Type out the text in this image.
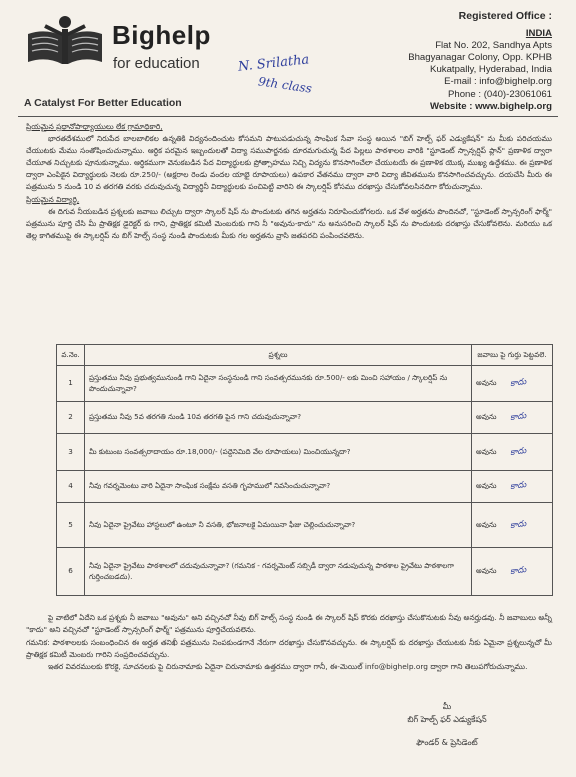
Bighelp
for education
A Catalyst For Better Education
N. Srilatha
9th class
Registered Office :
INDIA
Flat No. 202, Sandhya Apts
Bhagyanagar Colony, Opp. KPHB
Kukatpally, Hyderabad, India
E-mail : info@bighelp.org
Phone : (040)-23061061
Website : www.bighelp.org

ప్రియమైన ప్రధానోపాధ్యాయులు లేక గ్రామాధికారి,

భారతదేశములో నిరుపేద బాలబాలికల ఉన్నతికి విద్యనందించుట కోసమని పాటుపడుచున్న సాంఘిక సేవా సంస్థ అయిన "బిగ్ హెల్ప్ ఫర్ ఎడ్యుకేషన్" ను మీకు పరిచయము చేయుటకు మేము సంతోషించుచున్నాము. ఆర్థిక పరమైన ఇబ్బందులతో విద్యా సముపార్జనకు దూరమగుచున్న పేద పిల్లలు పాఠశాలల వారికి "స్టూడెంట్ స్పాన్సర్షిప్ ప్లాన్" ప్రణాళిక ద్వారా చేయూత నిచ్చుటకు పూనుకున్నాము. ఆర్థికముగా వెనుకబడిన పేద విద్యార్థులకు ప్రోత్సాహము నిచ్చి విద్యను కొనసాగించేలా చేయుటయే ఈ ప్రణాళిక యొక్క ముఖ్య ఉద్దేశము. ఈ ప్రణాళిక ద్వారా ఎంపికైన విద్యార్థులకు నెలకు రూ.250/- (అక్షరాల రెండు వందల యాభై రూపాయలు) ఉపకార వేతనము ద్వారా వారి విద్యా జీవితమును కొనసాగించవచ్చును. దయచేసి మీరు ఈ పత్రమును 5 నుండి 10 వ తరగతి వరకు చదువుచున్న విద్యార్థినీ విద్యార్థులకు పంచిపెట్టి వారిని ఈ స్కాలర్షిప్ కోసము దరఖాస్తు చేసుకోవలసినదిగా కోరుచున్నాము.

ప్రియమైన విద్యార్థి,

ఈ దిగువ నీయబడిన ప్రశ్నలకు జవాబు లిచ్చుట ద్వారా స్కాలర్ షిప్ ను పొందుటకు తగిన అర్హతను నిరూపించుకోగలరు. ఒక వేళ అర్హతను పొందినచో, "స్టూడెంట్ స్పాన్సరింగ్ ఫార్మ్" పత్రమును పూర్తి చేసి మీ ప్రాతిక్షక డైరెక్టర్ కు గాని, ప్రాతిక్షక కమిటీ మెంబరుకు గాని నీ "అవును-కాదు" ను అనుసరించి స్కాలర్ షిప్ ను పొందుటకు దరఖాస్తు చేసుకోవలెను. మరియు ఒక తెల్ల కాగితముపై ఈ స్కాలర్షిప్ ను బిగ్ హెల్ప్ సంస్థ నుండి పొందుటకు మీకు గల అర్హతను వ్రాసి జతపరచి పంపించవలెను.

వ.నెం.	ప్రశ్నలు	జవాబు పై గుర్తు పెట్టవలె.
1	ప్రస్తుతము నీవు ప్రభుత్వమునుండి గాని ఏదైనా సంస్థనుండి గాని సంవత్సరమునకు రూ.500/- లకు మించి సహాయం / స్కాలర్షిప్ ను పొందుచున్నావా?	అవును కాదు
2	ప్రస్తుతము నీవు 5వ తరగతి నుండి 10వ తరగతి పైన గాని చదువుచున్నావా?	అవును కాదు
3	మీ కుటుంబ సంవత్సరాదాయం రూ.18,000/- (పద్దెనిమిది వేల రూపాయలు) మించియున్నదా?	అవును కాదు
4	నీవు గవర్నమెంటు వారి ఏదైనా సాంఘిక సంక్షేమ వసతి గృహములో నివసించుచున్నావా?	అవును కాదు
5	నీవు ఏదైనా ప్రైవేటు హాస్టలులో ఉంటూ నీ వసతి, భోజనాలకై ఏమయినా ఫీజు చెల్లించుచున్నావా?	అవును కాదు
6	నీవు ఏదైనా ప్రైవేటు పాఠశాలలో చదువుచున్నావా? (గమనిక - గవర్నమెంట్ సబ్సిడీ ద్వారా నడుపుచున్న పాఠశాల ప్రైవేటు పాఠశాలగా గుర్తించబడదు).	అవును కాదు

పై వాటిలో ఏదేని ఒక ప్రశ్నకు నీ జవాబు "అవును" అని వచ్చినచో నీవు బిగ్ హెల్ప్ సంస్థ నుండి ఈ స్కాలర్ షిప్ కొరకు దరఖాస్తు చేసుకొనుటకు నీవు అనర్హుడవు. నీ జవాబులు అన్నీ "కాదు" అని వచ్చినచో "స్టూడెంట్ స్పాన్సరింగ్ ఫార్మ్" పత్రమును పూర్తిచేయవలెను.

గమనిక: పాఠశాలలకు సంబంధించిన ఈ అర్హత తనిఖీ పత్రమును నింపకుండగానే నేరుగా దరఖాస్తు చేసుకొనవచ్చును. ఈ స్కాలర్షిప్ కు దరఖాస్తు చేయుటకు నీకు ఏమైనా ప్రశ్నలున్నచో మీ ప్రాతిక్షక కమిటీ మెంబరు గారిని సంప్రదించవచ్చును.

ఇతర వివరములకు కొరకై, సూచనలకు పై చిరునామాకు ఏదైనా చిరునామాకు ఉత్తరము ద్వారా గానీ, ఈ-మెయిల్ info@bighelp.org ద్వారా గాని తెలుపగోరుచున్నాము.

మీ
బిగ్ హెల్ప్ ఫర్ ఎడ్యుకేషన్
ఫౌండర్ & ప్రెసిడెంట్
